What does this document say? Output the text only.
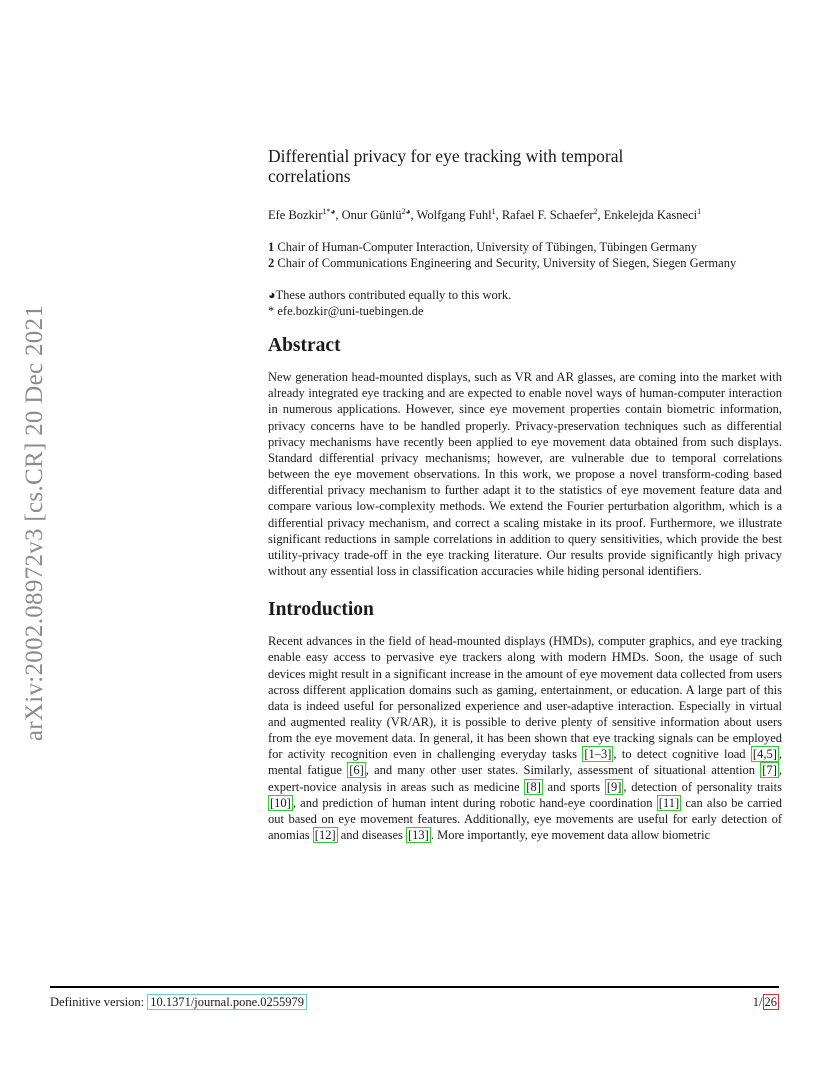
arXiv:2002.08972v3 [cs.CR] 20 Dec 2021
Differential privacy for eye tracking with temporal correlations
Efe Bozkir$^{1*◕}$, Onur Günlü$^{2◕}$, Wolfgang Fuhl$^1$, Rafael F. Schaefer$^2$, Enkelejda Kasneci$^1$
1 Chair of Human-Computer Interaction, University of Tübingen, Tübingen Germany
2 Chair of Communications Engineering and Security, University of Siegen, Siegen Germany
◕These authors contributed equally to this work.
* efe.bozkir@uni-tuebingen.de
Abstract

New generation head-mounted displays, such as VR and AR glasses, are coming into the market with already integrated eye tracking and are expected to enable novel ways of human-computer interaction in numerous applications. However, since eye movement properties contain biometric information, privacy concerns have to be handled properly. Privacy-preservation techniques such as differential privacy mechanisms have recently been applied to eye movement data obtained from such displays. Standard differential privacy mechanisms; however, are vulnerable due to temporal correlations between the eye movement observations. In this work, we propose a novel transform-coding based differential privacy mechanism to further adapt it to the statistics of eye movement feature data and compare various low-complexity methods. We extend the Fourier perturbation algorithm, which is a differential privacy mechanism, and correct a scaling mistake in its proof. Furthermore, we illustrate significant reductions in sample correlations in addition to query sensitivities, which provide the best utility-privacy trade-off in the eye tracking literature. Our results provide significantly high privacy without any essential loss in classification accuracies while hiding personal identifiers.

Introduction

Recent advances in the field of head-mounted displays (HMDs), computer graphics, and eye tracking enable easy access to pervasive eye trackers along with modern HMDs. Soon, the usage of such devices might result in a significant increase in the amount of eye movement data collected from users across different application domains such as gaming, entertainment, or education. A large part of this data is indeed useful for personalized experience and user-adaptive interaction. Especially in virtual and augmented reality (VR/AR), it is possible to derive plenty of sensitive information about users from the eye movement data. In general, it has been shown that eye tracking signals can be employed for activity recognition even in challenging everyday tasks [1–3] , to detect cognitive load [4,5] , mental fatigue [6] , and many other user states. Similarly, assessment of situational attention [7] , expert-novice analysis in areas such as medicine [8] and sports [9] , detection of personality traits [10] , and prediction of human intent during robotic hand-eye coordination [11] can also be carried out based on eye movement features. Additionally, eye movements are useful for early detection of anomias [12] and diseases [13] . More importantly, eye movement data allow biometric

Definitive version: 10.1371/journal.pone.0255979	1/ 26
